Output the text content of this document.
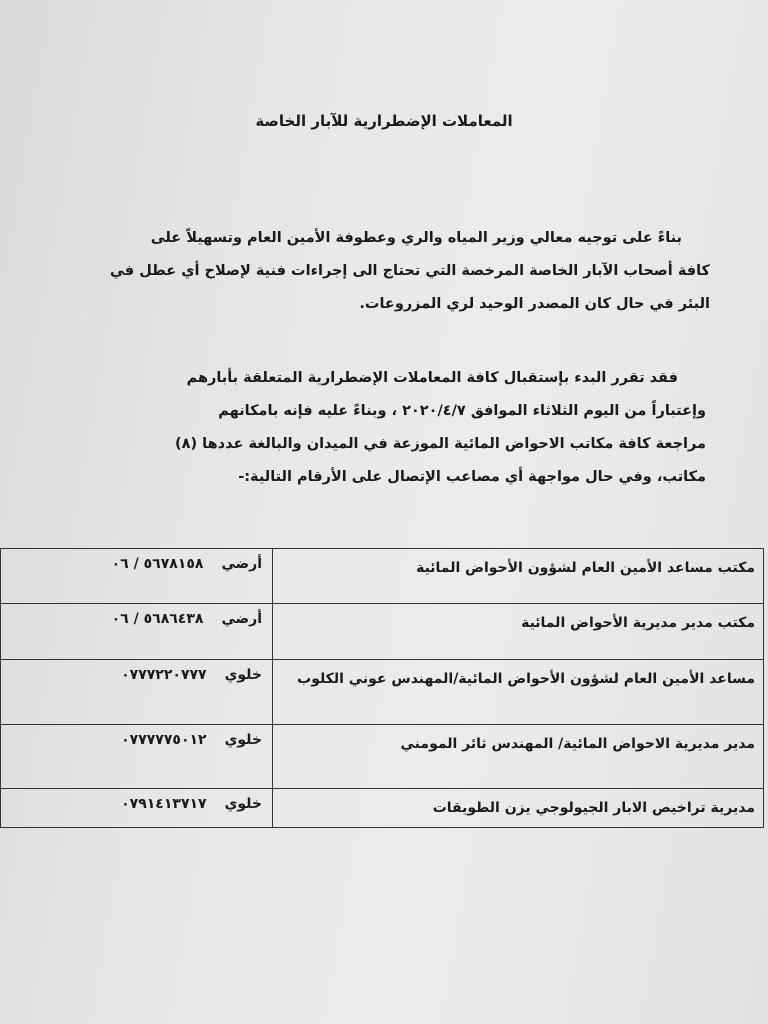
المعاملات الإضطرارية للآبار الخاصة
بناءً على توجيه معالي وزير المياه والري وعطوفة الأمين العام وتسهيلاً على
كافة أصحاب الآبار الخاصة المرخصة التي تحتاج الى إجراءات فنية لإصلاح أي عطل في
البئر في حال كان المصدر الوحيد لري المزروعات.
فقد تقرر البدء بإستقبال كافة المعاملات الإضطرارية المتعلقة بأبارهم
وإعتباراً من اليوم الثلاثاء الموافق ٢٠٢٠/٤/٧ ، وبناءً عليه فإنه بامكانهم
مراجعة كافة مكاتب الاحواض المائية الموزعة في الميدان والبالغة عددها (٨)
مكاتب، وفي حال مواجهة أي مصاعب الإتصال على الأرقام التالية:-
مكتب مساعد الأمين العام لشؤون الأحواض المائية	أرضي٥٦٧٨١٥٨ / ٠٦
مكتب مدير مديرية الأحواض المائية	أرضي٥٦٨٦٤٣٨ / ٠٦
مساعد الأمين العام لشؤون الأحواض المائية/المهندس عوني الكلوب	خلوي٠٧٧٧٢٢٠٧٧٧
مدير مديرية الاحواض المائية/ المهندس ثائر المومني	خلوي٠٧٧٧٧٧٥٠١٢
مديرية تراخيص الابار الجيولوجي يزن الطويقات	خلوي٠٧٩١٤١٣٧١٧
